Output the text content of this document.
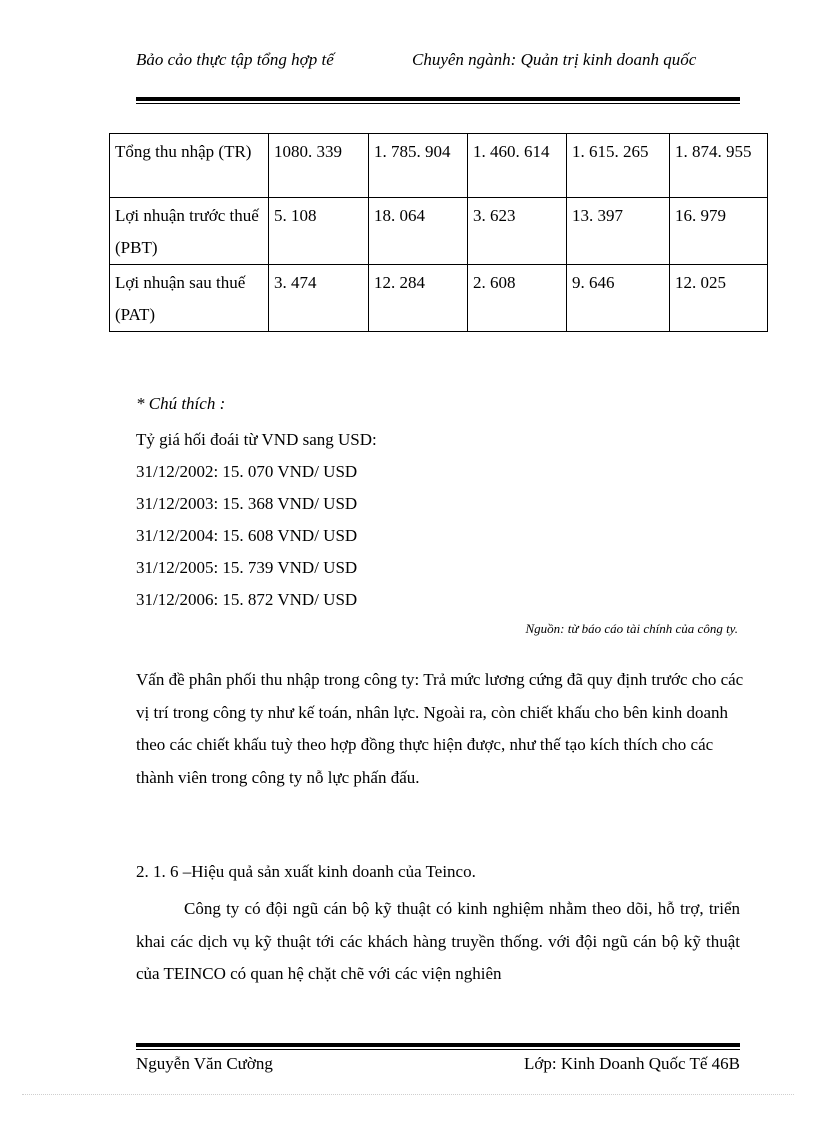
Bảo cảo thực tập tổng hợp tế	Chuyên ngành: Quản trị kinh doanh quốc
Tổng thu nhập (TR)	1080. 339	1. 785. 904	1. 460. 614	1. 615. 265	1. 874. 955
Lợi nhuận trước thuế (PBT)	5. 108	18. 064	3. 623	13. 397	16. 979
Lợi nhuận sau thuế (PAT)	3. 474	12. 284	2. 608	9. 646	12. 025
* Chú thích :
Tỷ giá hối đoái từ VND sang USD:
31/12/2002: 15. 070 VND/ USD
31/12/2003: 15. 368 VND/ USD
31/12/2004: 15. 608 VND/ USD
31/12/2005: 15. 739 VND/ USD
31/12/2006: 15. 872 VND/ USD
Nguồn: từ báo cáo tài chính của công ty.
Vấn đề phân phối thu nhập trong công ty: Trả mức lương cứng đã quy định trước cho các vị trí trong công ty như kế toán, nhân lực. Ngoài ra, còn chiết khấu cho bên kinh doanh theo các chiết khấu tuỳ theo hợp đồng thực hiện được, như thế tạo kích thích cho các thành viên trong công ty nỗ lực phấn đấu.
2. 1. 6 –Hiệu quả sản xuất kinh doanh của Teinco.
Công ty có đội ngũ cán bộ kỹ thuật có kinh nghiệm nhằm theo dõi, hỗ trợ, triển khai các dịch vụ kỹ thuật tới các khách hàng truyền thống. với đội ngũ cán bộ kỹ thuật của TEINCO có quan hệ chặt chẽ với các viện nghiên
Nguyễn Văn Cường	Lớp: Kinh Doanh Quốc Tế 46B
